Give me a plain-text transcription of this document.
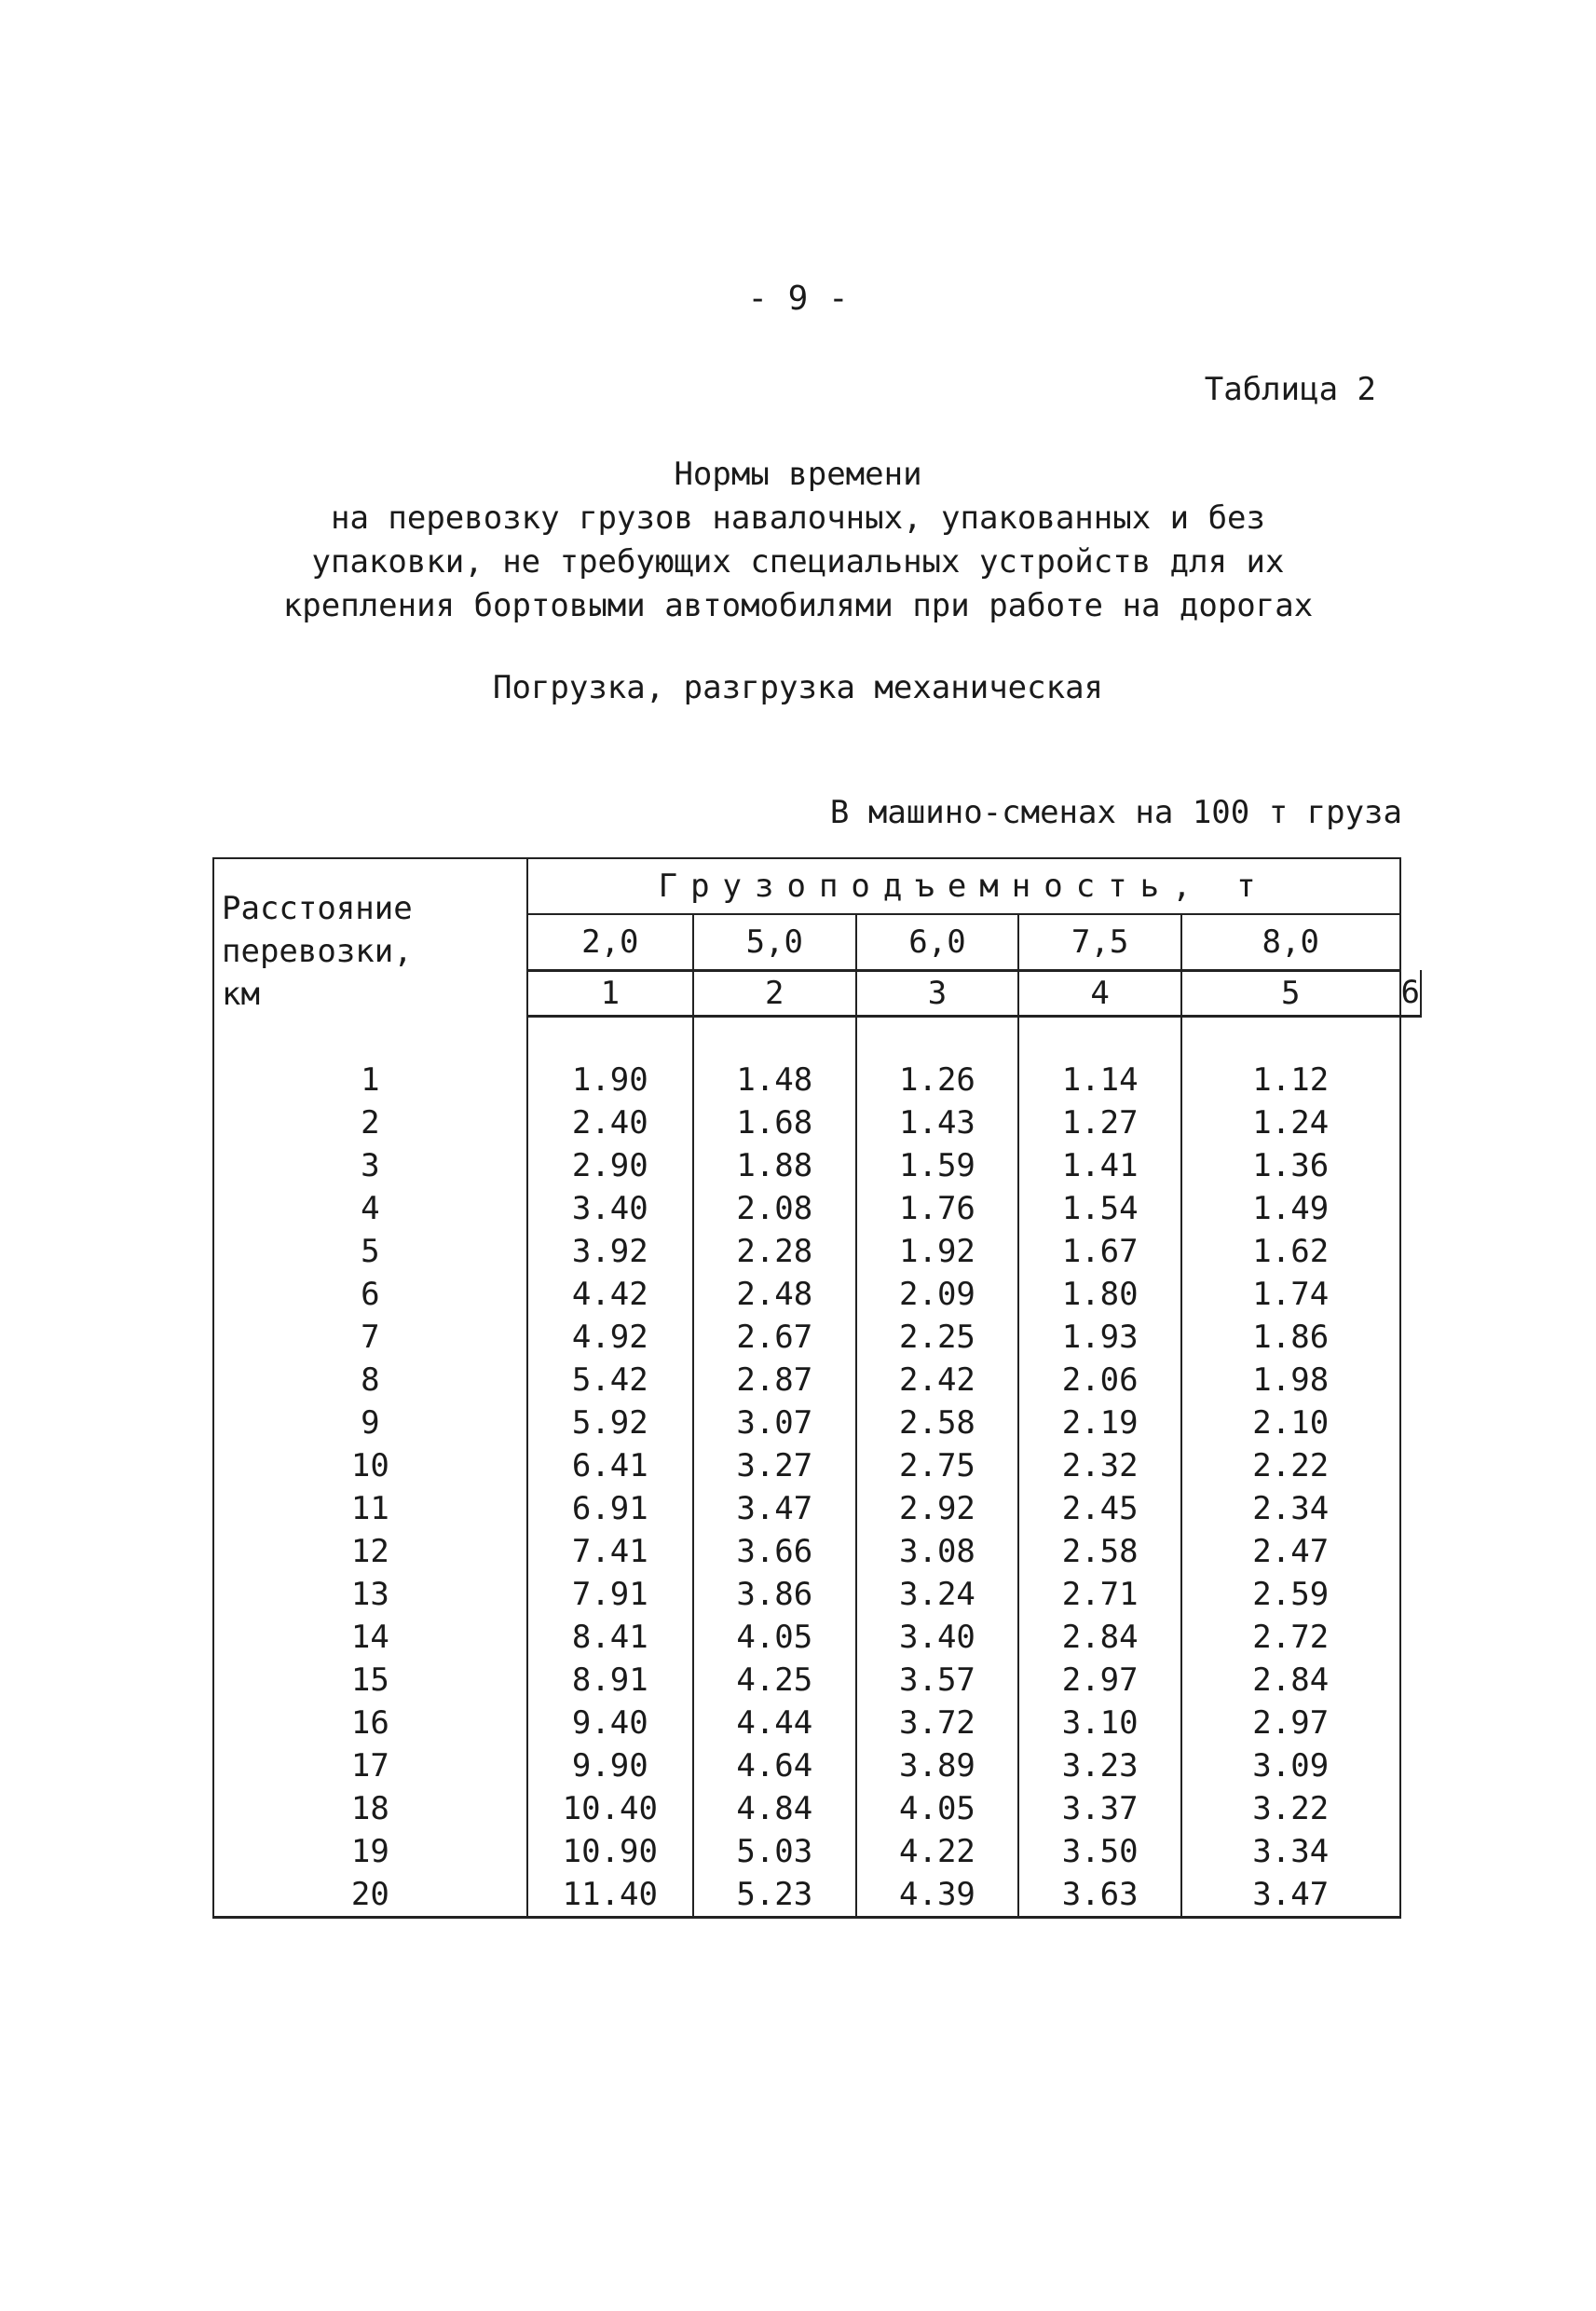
- 9 -
Таблица 2
Нормы времени
на перевозку грузов навалочных, упакованных и без
упаковки, не требующих специальных устройств для их
крепления бортовыми автомобилями при работе на дорогах
Погрузка, разгрузка механическая
В машино-сменах на 100 т груза
Расстояние
перевозки,
км	Грузоподъемность, т					
	2,0	5,0	6,0	7,5	8,0	
	1	2	3	4	5	6

1	1.90	1.48	1.26	1.14	1.12	
2	2.40	1.68	1.43	1.27	1.24	
3	2.90	1.88	1.59	1.41	1.36	
4	3.40	2.08	1.76	1.54	1.49	
5	3.92	2.28	1.92	1.67	1.62	
6	4.42	2.48	2.09	1.80	1.74	
7	4.92	2.67	2.25	1.93	1.86	
8	5.42	2.87	2.42	2.06	1.98	
9	5.92	3.07	2.58	2.19	2.10	
10	6.41	3.27	2.75	2.32	2.22	
11	6.91	3.47	2.92	2.45	2.34	
12	7.41	3.66	3.08	2.58	2.47	
13	7.91	3.86	3.24	2.71	2.59	
14	8.41	4.05	3.40	2.84	2.72	
15	8.91	4.25	3.57	2.97	2.84	
16	9.40	4.44	3.72	3.10	2.97	
17	9.90	4.64	3.89	3.23	3.09	
18	10.40	4.84	4.05	3.37	3.22	
19	10.90	5.03	4.22	3.50	3.34	
20	11.40	5.23	4.39	3.63	3.47	
